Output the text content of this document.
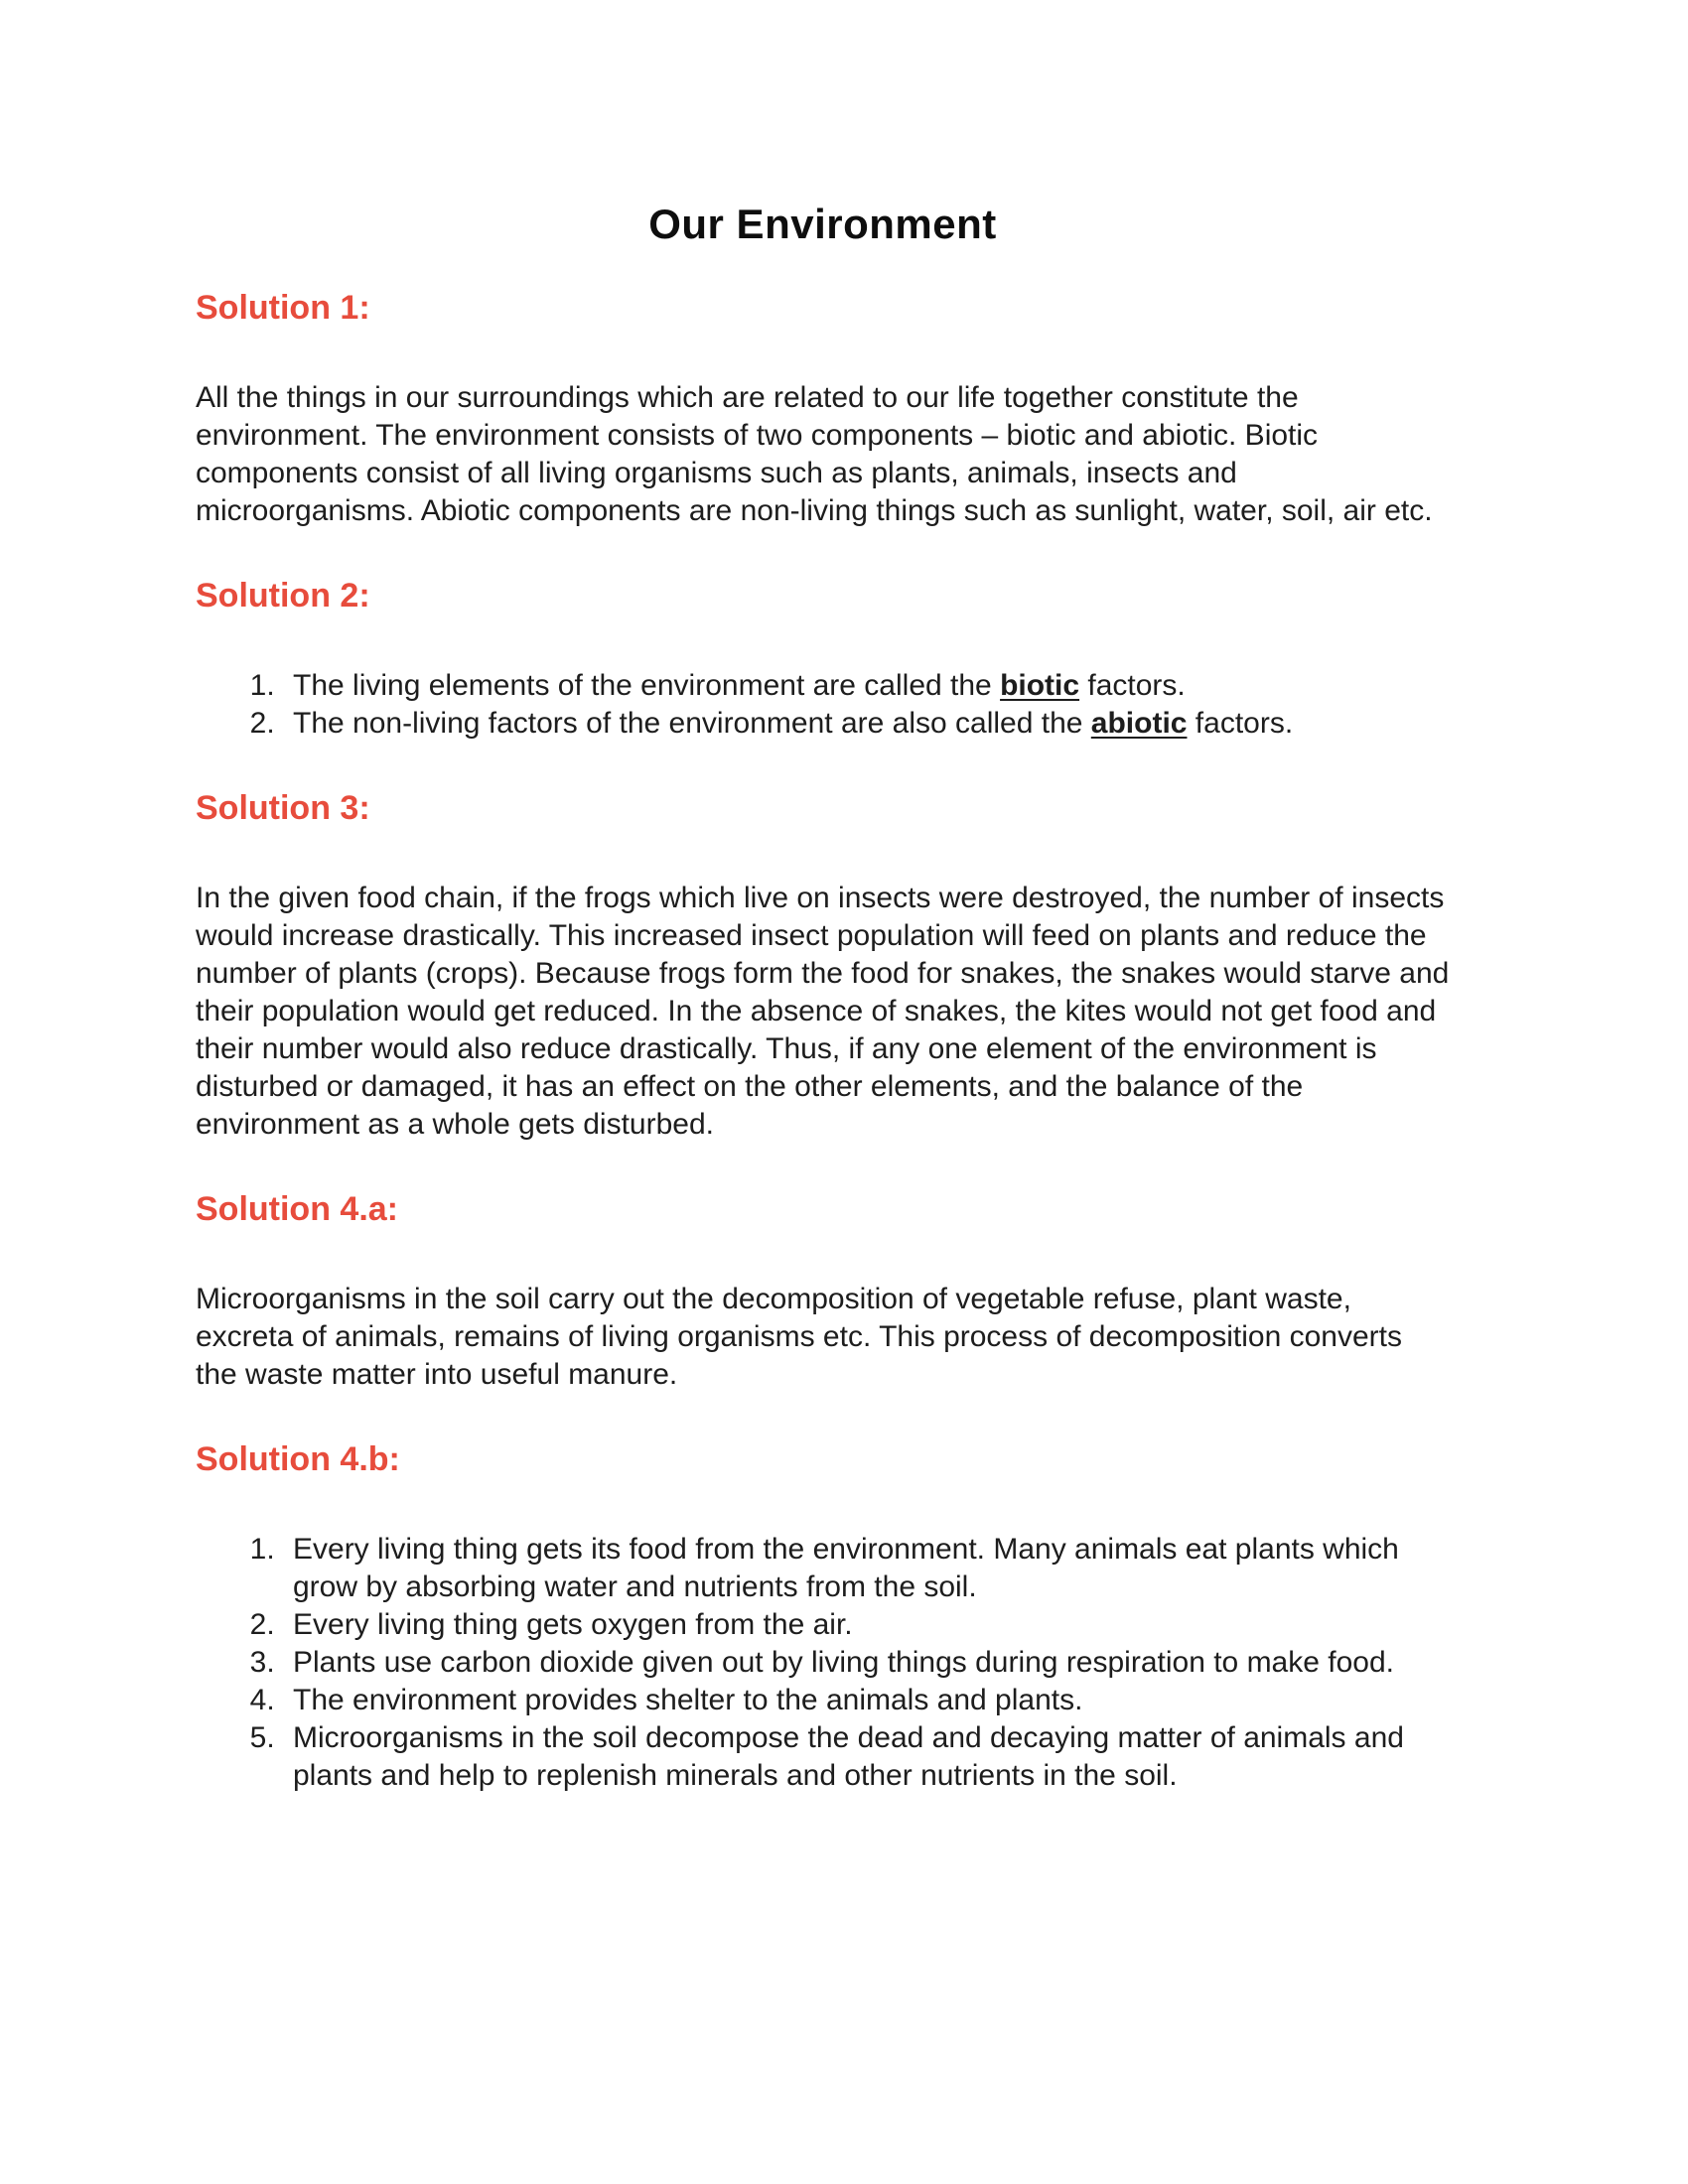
Our Environment
Solution 1:

All the things in our surroundings which are related to our life together constitute the environment. The environment consists of two components – biotic and abiotic. Biotic components consist of all living organisms such as plants, animals, insects and microorganisms. Abiotic components are non-living things such as sunlight, water, soil, air etc.

Solution 2:
1. The living elements of the environment are called the biotic factors.
2. The non-living factors of the environment are also called the abiotic factors.
Solution 3:

In the given food chain, if the frogs which live on insects were destroyed, the number of insects would increase drastically. This increased insect population will feed on plants and reduce the number of plants (crops). Because frogs form the food for snakes, the snakes would starve and their population would get reduced. In the absence of snakes, the kites would not get food and their number would also reduce drastically. Thus, if any one element of the environment is disturbed or damaged, it has an effect on the other elements, and the balance of the environment as a whole gets disturbed.

Solution 4.a:

Microorganisms in the soil carry out the decomposition of vegetable refuse, plant waste, excreta of animals, remains of living organisms etc. This process of decomposition converts the waste matter into useful manure.

Solution 4.b:
1. Every living thing gets its food from the environment. Many animals eat plants which grow by absorbing water and nutrients from the soil.
2. Every living thing gets oxygen from the air.
3. Plants use carbon dioxide given out by living things during respiration to make food.
4. The environment provides shelter to the animals and plants.
5. Microorganisms in the soil decompose the dead and decaying matter of animals and plants and help to replenish minerals and other nutrients in the soil.
